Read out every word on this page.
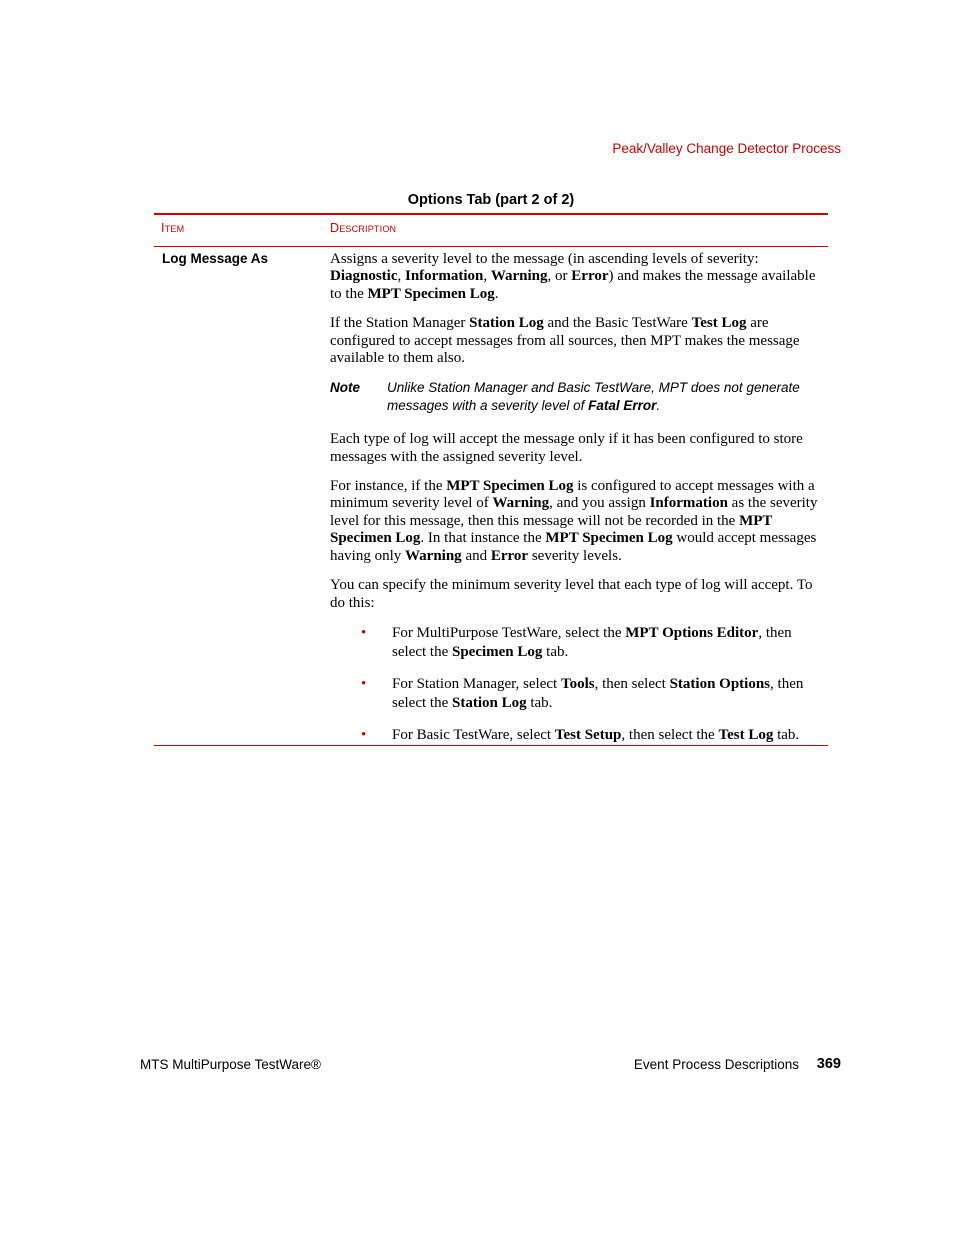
Peak/Valley Change Detector Process
Options Tab (part 2 of 2)
Item	Description
Log Message As	Assigns a severity level to the message (in ascending levels of severity: Diagnostic, Information, Warning, or Error) and makes the message available to the MPT Specimen Log.

If the Station Manager Station Log and the Basic TestWare Test Log are configured to accept messages from all sources, then MPT makes the message available to them also.

Note	Unlike Station Manager and Basic TestWare, MPT does not generate messages with a severity level of Fatal Error.

Each type of log will accept the message only if it has been configured to store messages with the assigned severity level.

For instance, if the MPT Specimen Log is configured to accept messages with a minimum severity level of Warning, and you assign Information as the severity level for this message, then this message will not be recorded in the MPT Specimen Log. In that instance the MPT Specimen Log would accept messages having only Warning and Error severity levels.

You can specify the minimum severity level that each type of log will accept. To do this:

• For MultiPurpose TestWare, select the MPT Options Editor, then select the Specimen Log tab.
• For Station Manager, select Tools, then select Station Options, then select the Station Log tab.
• For Basic TestWare, select Test Setup, then select the Test Log tab.
MTS MultiPurpose TestWare®	Event Process Descriptions 369
